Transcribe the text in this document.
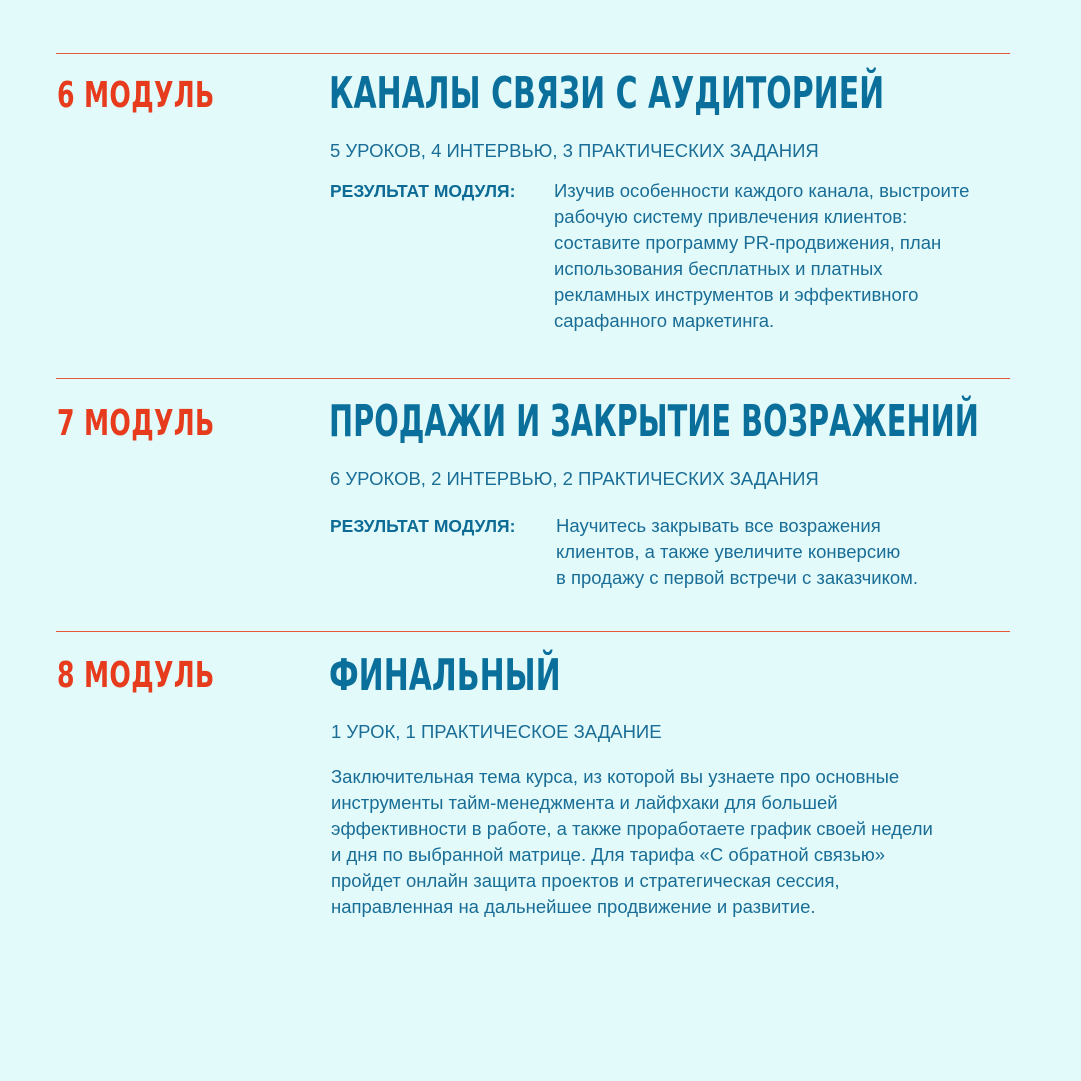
6 МОДУЛЬ	КАНАЛЫ СВЯЗИ С АУДИТОРИЕЙ
5 УРОКОВ, 4 ИНТЕРВЬЮ, 3 ПРАКТИЧЕСКИХ ЗАДАНИЯ
РЕЗУЛЬТАТ МОДУЛЯ: Изучив особенности каждого канала, выстроите
рабочую систему привлечения клиентов:
составите программу PR-продвижения, план
использования бесплатных и платных
рекламных инструментов и эффективного
сарафанного маркетинга.
7 МОДУЛЬ	ПРОДАЖИ И ЗАКРЫТИЕ ВОЗРАЖЕНИЙ
6 УРОКОВ, 2 ИНТЕРВЬЮ, 2 ПРАКТИЧЕСКИХ ЗАДАНИЯ
РЕЗУЛЬТАТ МОДУЛЯ: Научитесь закрывать все возражения
клиентов, а также увеличите конверсию
в продажу с первой встречи с заказчиком.
8 МОДУЛЬ	ФИНАЛЬНЫЙ
1 УРОК, 1 ПРАКТИЧЕСКОЕ ЗАДАНИЕ
Заключительная тема курса, из которой вы узнаете про основные
инструменты тайм-менеджмента и лайфхаки для большей
эффективности в работе, а также проработаете график своей недели
и дня по выбранной матрице. Для тарифа «С обратной связью»
пройдет онлайн защита проектов и стратегическая сессия,
направленная на дальнейшее продвижение и развитие.
